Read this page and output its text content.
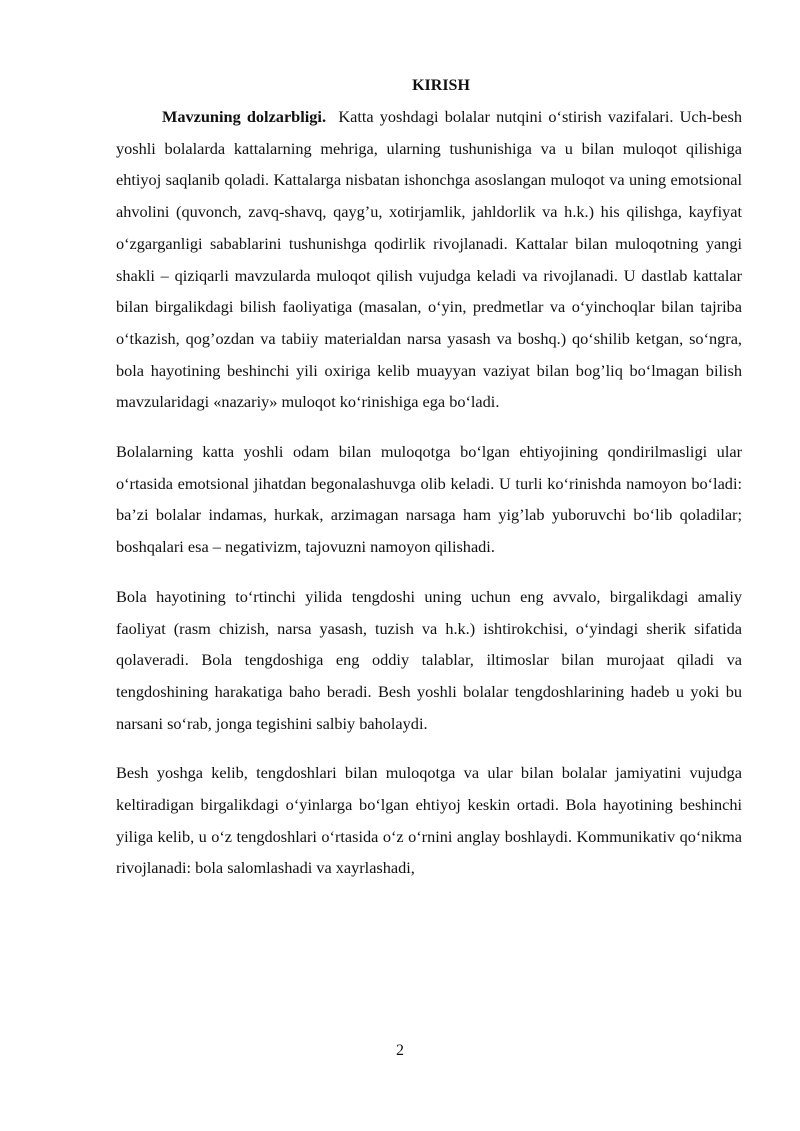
KIRISH

Mavzuning dolzarbligi. Katta yoshdagi bolalar nutqini o‘stirish vazifalari. Uch-besh yoshli bolalarda kattalarning mehriga, ularning tushunishiga va u bilan muloqot qilishiga ehtiyoj saqlanib qoladi. Kattalarga nisbatan ishonchga asoslangan muloqot va uning emotsional ahvolini (quvonch, zavq-shavq, qayg’u, xotirjamlik, jahldorlik va h.k.) his qilishga, kayfiyat o‘zgarganligi sabablarini tushunishga qodirlik rivojlanadi. Kattalar bilan muloqotning yangi shakli – qiziqarli mavzularda muloqot qilish vujudga keladi va rivojlanadi. U dastlab kattalar bilan birgalikdagi bilish faoliyatiga (masalan, o‘yin, predmetlar va o‘yinchoqlar bilan tajriba o‘tkazish, qog’ozdan va tabiiy materialdan narsa yasash va boshq.) qo‘shilib ketgan, so‘ngra, bola hayotining beshinchi yili oxiriga kelib muayyan vaziyat bilan bog’liq bo‘lmagan bilish mavzularidagi «nazariy» muloqot ko‘rinishiga ega bo‘ladi.

Bolalarning katta yoshli odam bilan muloqotga bo‘lgan ehtiyojining qondirilmasligi ular o‘rtasida emotsional jihatdan begonalashuvga olib keladi. U turli ko‘rinishda namoyon bo‘ladi: ba’zi bolalar indamas, hurkak, arzimagan narsaga ham yig’lab yuboruvchi bo‘lib qoladilar; boshqalari esa – negativizm, tajovuzni namoyon qilishadi.

Bola hayotining to‘rtinchi yilida tengdoshi uning uchun eng avvalo, birgalikdagi amaliy faoliyat (rasm chizish, narsa yasash, tuzish va h.k.) ishtirokchisi, o‘yindagi sherik sifatida qolaveradi. Bola tengdoshiga eng oddiy talablar, iltimoslar bilan murojaat qiladi va tengdoshining harakatiga baho beradi. Besh yoshli bolalar tengdoshlarining hadeb u yoki bu narsani so‘rab, jonga tegishini salbiy baholaydi.

Besh yoshga kelib, tengdoshlari bilan muloqotga va ular bilan bolalar jamiyatini vujudga keltiradigan birgalikdagi o‘yinlarga bo‘lgan ehtiyoj keskin ortadi. Bola hayotining beshinchi yiliga kelib, u o‘z tengdoshlari o‘rtasida o‘z o‘rnini anglay boshlaydi. Kommunikativ qo‘nikma rivojlanadi: bola salomlashadi va xayrlashadi,

2
